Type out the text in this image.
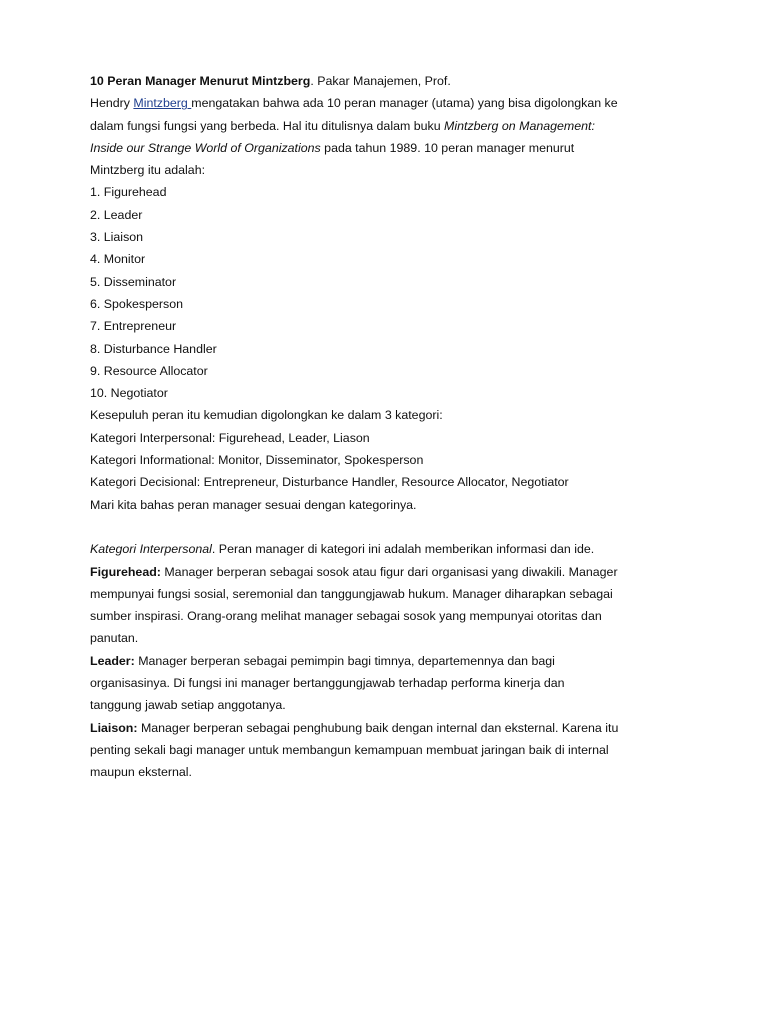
10 Peran Manager Menurut Mintzberg. Pakar Manajemen, Prof.
Hendry Mintzberg mengatakan bahwa ada 10 peran manager (utama) yang bisa digolongkan ke
dalam fungsi fungsi yang berbeda. Hal itu ditulisnya dalam buku Mintzberg on Management:
Inside our Strange World of Organizations pada tahun 1989. 10 peran manager menurut
Mintzberg itu adalah:
1. Figurehead
2. Leader
3. Liaison
4. Monitor
5. Disseminator
6. Spokesperson
7. Entrepreneur
8. Disturbance Handler
9. Resource Allocator
10. Negotiator
Kesepuluh peran itu kemudian digolongkan ke dalam 3 kategori:
Kategori Interpersonal: Figurehead, Leader, Liason
Kategori Informational: Monitor, Disseminator, Spokesperson
Kategori Decisional: Entrepreneur, Disturbance Handler, Resource Allocator, Negotiator
Mari kita bahas peran manager sesuai dengan kategorinya.
Kategori Interpersonal. Peran manager di kategori ini adalah memberikan informasi dan ide.
Figurehead: Manager berperan sebagai sosok atau figur dari organisasi yang diwakili. Manager
mempunyai fungsi sosial, seremonial dan tanggungjawab hukum. Manager diharapkan sebagai
sumber inspirasi. Orang-orang melihat manager sebagai sosok yang mempunyai otoritas dan
panutan.
Leader: Manager berperan sebagai pemimpin bagi timnya, departemennya dan bagi
organisasinya. Di fungsi ini manager bertanggungjawab terhadap performa kinerja dan
tanggung jawab setiap anggotanya.
Liaison: Manager berperan sebagai penghubung baik dengan internal dan eksternal. Karena itu
penting sekali bagi manager untuk membangun kemampuan membuat jaringan baik di internal
maupun eksternal.
